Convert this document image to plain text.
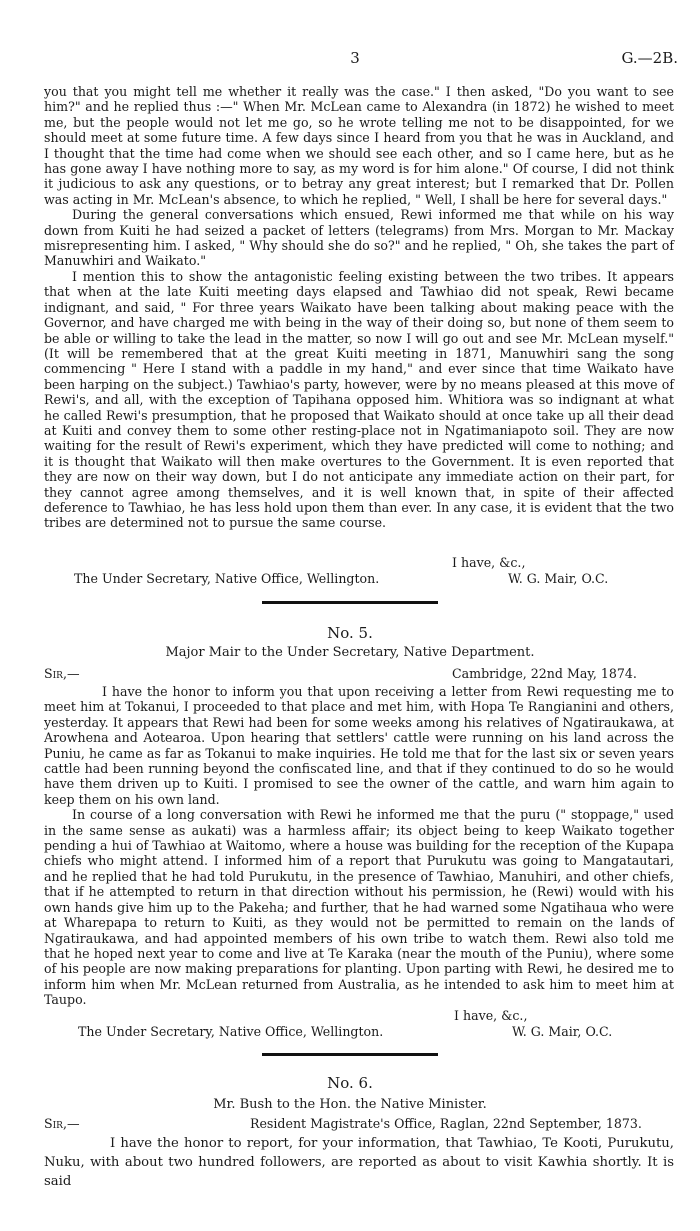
3	G.—2B.

you that you might tell me whether it really was the case." I then asked, "Do you want to see him?" and he replied thus :—" When Mr. McLean came to Alexandra (in 1872) he wished to meet me, but the people would not let me go, so he wrote telling me not to be disappointed, for we should meet at some future time. A few days since I heard from you that he was in Auckland, and I thought that the time had come when we should see each other, and so I came here, but as he has gone away I have nothing more to say, as my word is for him alone." Of course, I did not think it judicious to ask any questions, or to betray any great interest; but I remarked that Dr. Pollen was acting in Mr. McLean's absence, to which he replied, " Well, I shall be here for several days."

During the general conversations which ensued, Rewi informed me that while on his way down from Kuiti he had seized a packet of letters (telegrams) from Mrs. Morgan to Mr. Mackay misrepresenting him. I asked, " Why should she do so?" and he replied, " Oh, she takes the part of Manuwhiri and Waikato."

I mention this to show the antagonistic feeling existing between the two tribes. It appears that when at the late Kuiti meeting days elapsed and Tawhiao did not speak, Rewi became indignant, and said, " For three years Waikato have been talking about making peace with the Governor, and have charged me with being in the way of their doing so, but none of them seem to be able or willing to take the lead in the matter, so now I will go out and see Mr. McLean myself." (It will be remembered that at the great Kuiti meeting in 1871, Manuwhiri sang the song commencing " Here I stand with a paddle in my hand," and ever since that time Waikato have been harping on the subject.) Tawhiao's party, however, were by no means pleased at this move of Rewi's, and all, with the exception of Tapihana opposed him. Whitiora was so indignant at what he called Rewi's presumption, that he proposed that Waikato should at once take up all their dead at Kuiti and convey them to some other resting-place not in Ngatimaniapoto soil. They are now waiting for the result of Rewi's experiment, which they have predicted will come to nothing; and it is thought that Waikato will then make overtures to the Government. It is even reported that they are now on their way down, but I do not anticipate any immediate action on their part, for they cannot agree among themselves, and it is well known that, in spite of their affected deference to Tawhiao, he has less hold upon them than ever. In any case, it is evident that the two tribes are determined not to pursue the same course.

I have, &c.,
The Under Secretary, Native Office, Wellington.	W. G. Mair, O.C.
No. 5.
Major Mair to the Under Secretary, Native Department.
Sir,—	Cambridge, 22nd May, 1874.

I have the honor to inform you that upon receiving a letter from Rewi requesting me to meet him at Tokanui, I proceeded to that place and met him, with Hopa Te Rangianini and others, yesterday. It appears that Rewi had been for some weeks among his relatives of Ngatiraukawa, at Arowhena and Aotearoa. Upon hearing that settlers' cattle were running on his land across the Puniu, he came as far as Tokanui to make inquiries. He told me that for the last six or seven years cattle had been running beyond the confiscated line, and that if they continued to do so he would have them driven up to Kuiti. I promised to see the owner of the cattle, and warn him again to keep them on his own land.

In course of a long conversation with Rewi he informed me that the puru (" stoppage," used in the same sense as aukati) was a harmless affair; its object being to keep Waikato together pending a hui of Tawhiao at Waitomo, where a house was building for the reception of the Kupapa chiefs who might attend. I informed him of a report that Purukutu was going to Mangatautari, and he replied that he had told Purukutu, in the presence of Tawhiao, Manuhiri, and other chiefs, that if he attempted to return in that direction without his permission, he (Rewi) would with his own hands give him up to the Pakeha; and further, that he had warned some Ngatihaua who were at Wharepapa to return to Kuiti, as they would not be permitted to remain on the lands of Ngatiraukawa, and had appointed members of his own tribe to watch them. Rewi also told me that he hoped next year to come and live at Te Karaka (near the mouth of the Puniu), where some of his people are now making preparations for planting. Upon parting with Rewi, he desired me to inform him when Mr. McLean returned from Australia, as he intended to ask him to meet him at Taupo.

I have, &c.,
The Under Secretary, Native Office, Wellington.	W. G. Mair, O.C.
No. 6.
Mr. Bush to the Hon. the Native Minister.
Sir,—	Resident Magistrate's Office, Raglan, 22nd September, 1873.

I have the honor to report, for your information, that Tawhiao, Te Kooti, Purukutu, Nuku, with about two hundred followers, are reported as about to visit Kawhia shortly. It is said
